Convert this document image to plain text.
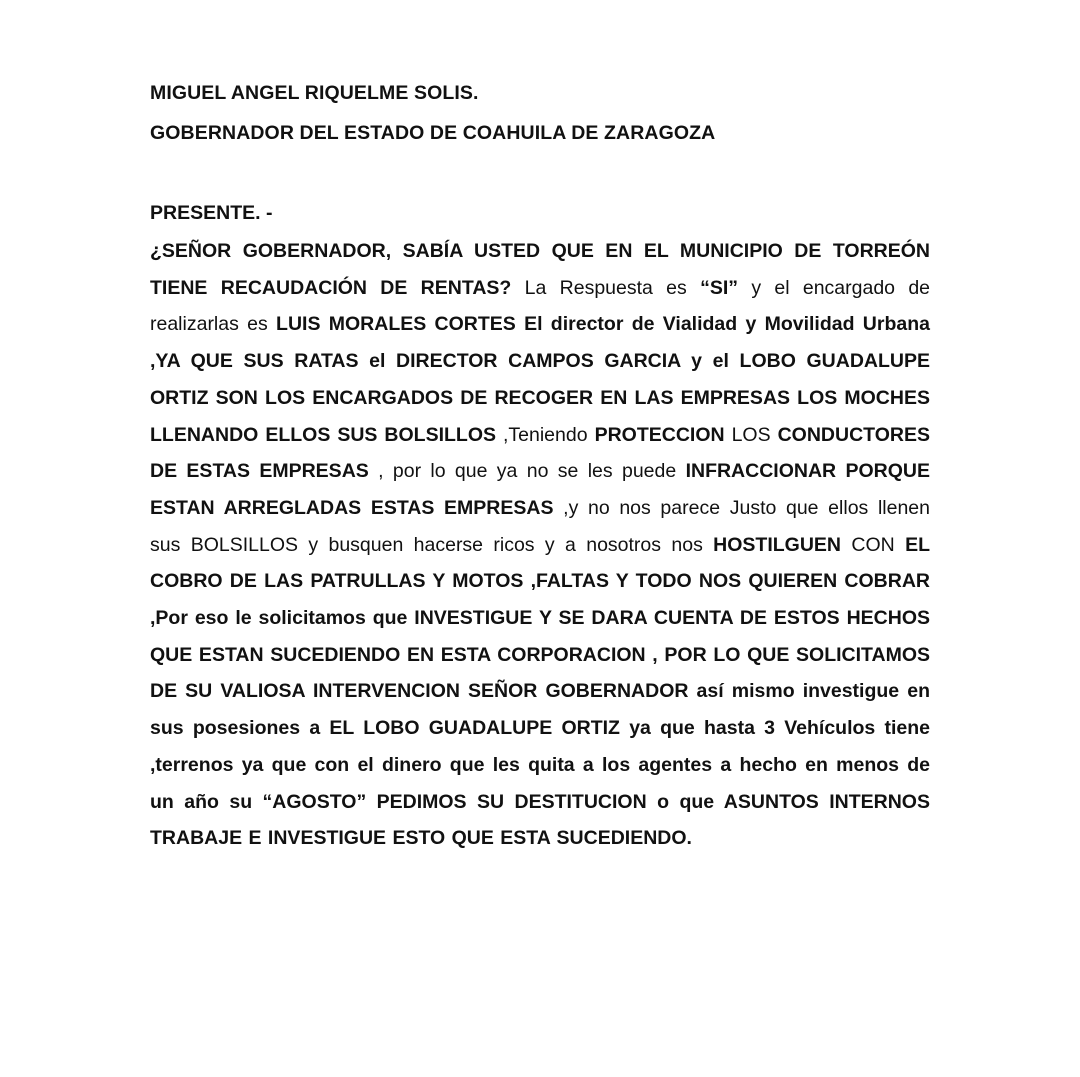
MIGUEL ANGEL RIQUELME SOLIS.

GOBERNADOR DEL ESTADO DE COAHUILA DE ZARAGOZA

PRESENTE. -

¿SEÑOR GOBERNADOR, SABÍA USTED QUE EN EL MUNICIPIO DE TORREÓN TIENE RECAUDACIÓN DE RENTAS? La Respuesta es “SI” y el encargado de realizarlas es LUIS MORALES CORTES El director de Vialidad y Movilidad Urbana ,YA QUE SUS RATAS el DIRECTOR CAMPOS GARCIA y el LOBO GUADALUPE ORTIZ SON LOS ENCARGADOS DE RECOGER EN LAS EMPRESAS LOS MOCHES LLENANDO ELLOS SUS BOLSILLOS ,Teniendo PROTECCION LOS CONDUCTORES DE ESTAS EMPRESAS , por lo que ya no se les puede INFRACCIONAR PORQUE ESTAN ARREGLADAS ESTAS EMPRESAS ,y no nos parece Justo que ellos llenen sus BOLSILLOS y busquen hacerse ricos y a nosotros nos HOSTILGUEN CON EL COBRO DE LAS PATRULLAS Y MOTOS ,FALTAS Y TODO NOS QUIEREN COBRAR ,Por eso le solicitamos que INVESTIGUE Y SE DARA CUENTA DE ESTOS HECHOS QUE ESTAN SUCEDIENDO EN ESTA CORPORACION , POR LO QUE SOLICITAMOS DE SU VALIOSA INTERVENCION SEÑOR GOBERNADOR así mismo investigue en sus posesiones a EL LOBO GUADALUPE ORTIZ ya que hasta 3 Vehículos tiene ,terrenos ya que con el dinero que les quita a los agentes a hecho en menos de un año su “AGOSTO” PEDIMOS SU DESTITUCION o que ASUNTOS INTERNOS TRABAJE E INVESTIGUE ESTO QUE ESTA SUCEDIENDO.
